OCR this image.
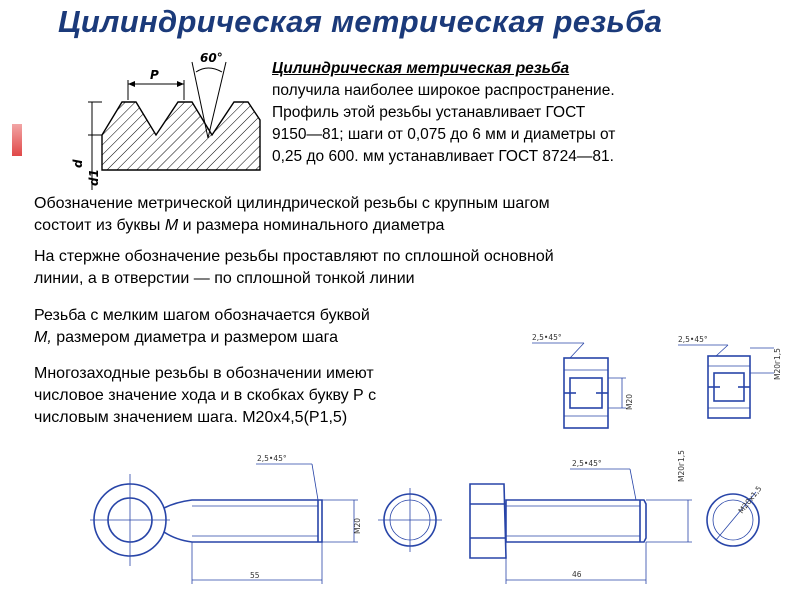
Цилиндрическая метрическая резьба
P
60°
d
d1
Цилиндрическая метрическая резьба
получила наиболее широкое распространение.
Профиль этой резьбы устанавливает ГОСТ
9150—81; шаги от 0,075 до 6 мм и диаметры от
0,25 до 600. мм устанавливает ГОСТ 8724—81.
Обозначение метрической цилиндрической резьбы с крупным шагом
состоит из буквы М и размера номинального диаметра
На стержне обозначение резьбы проставляют по сплошной основной
линии, а в отверстии — по сплошной тонкой линии
Резьба с мелким шагом обозначается буквой
М, размером диаметра и размером шага
Многозаходные резьбы в обозначении имеют
числовое значение хода и в скобках букву Р с
числовым значением шага. М20х4,5(Р1,5)
2,5•45°
М20
2,5•45°
М20г1,5
2,5•45°
М20
55
2,5•45°	М20г1,5
46
М20х1,5
